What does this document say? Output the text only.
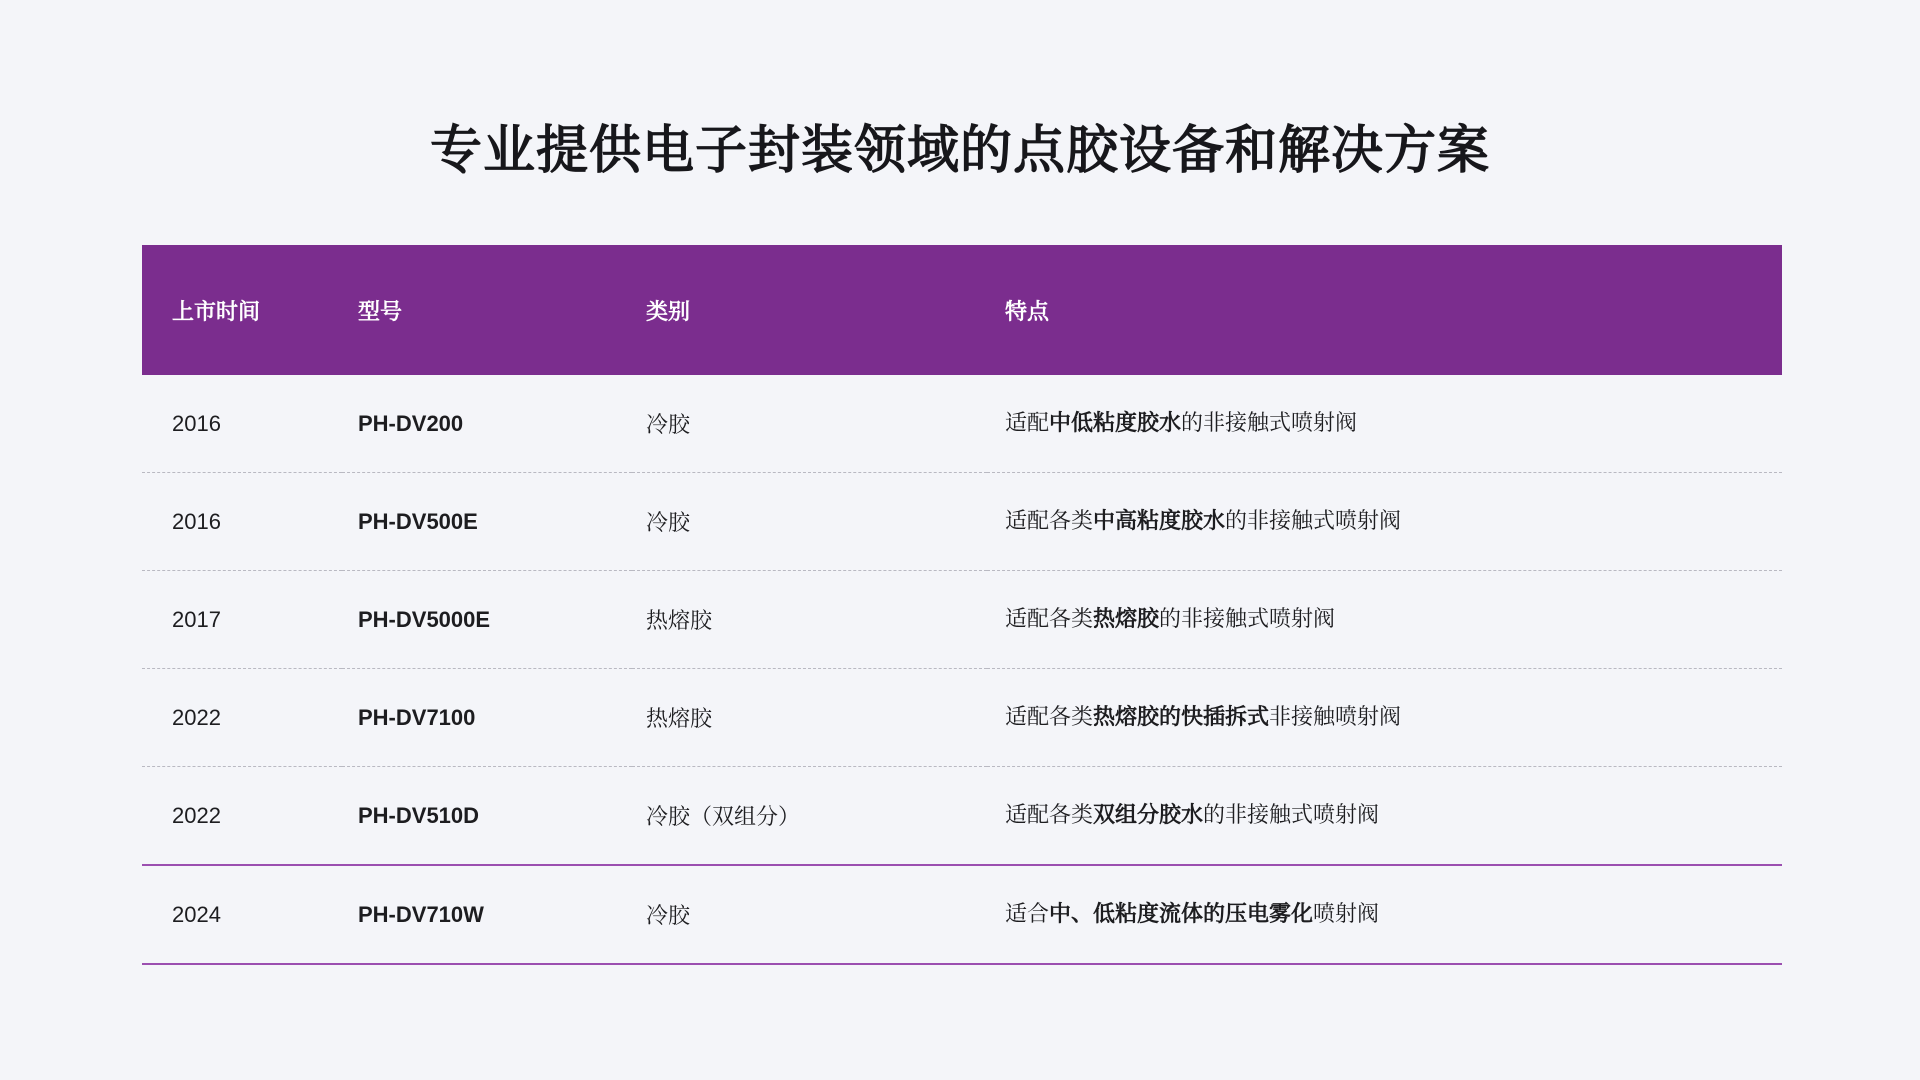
专业提供电子封装领域的点胶设备和解决方案
上市时间	型号	类别	特点
2016	PH-DV200	冷胶	适配中低粘度胶水的非接触式喷射阀
2016	PH-DV500E	冷胶	适配各类中高粘度胶水的非接触式喷射阀
2017	PH-DV5000E	热熔胶	适配各类热熔胶的非接触式喷射阀
2022	PH-DV7100	热熔胶	适配各类热熔胶的快插拆式非接触喷射阀
2022	PH-DV510D	冷胶（双组分）	适配各类双组分胶水的非接触式喷射阀
2024	PH-DV710W	冷胶	适合中、低粘度流体的压电雾化喷射阀
